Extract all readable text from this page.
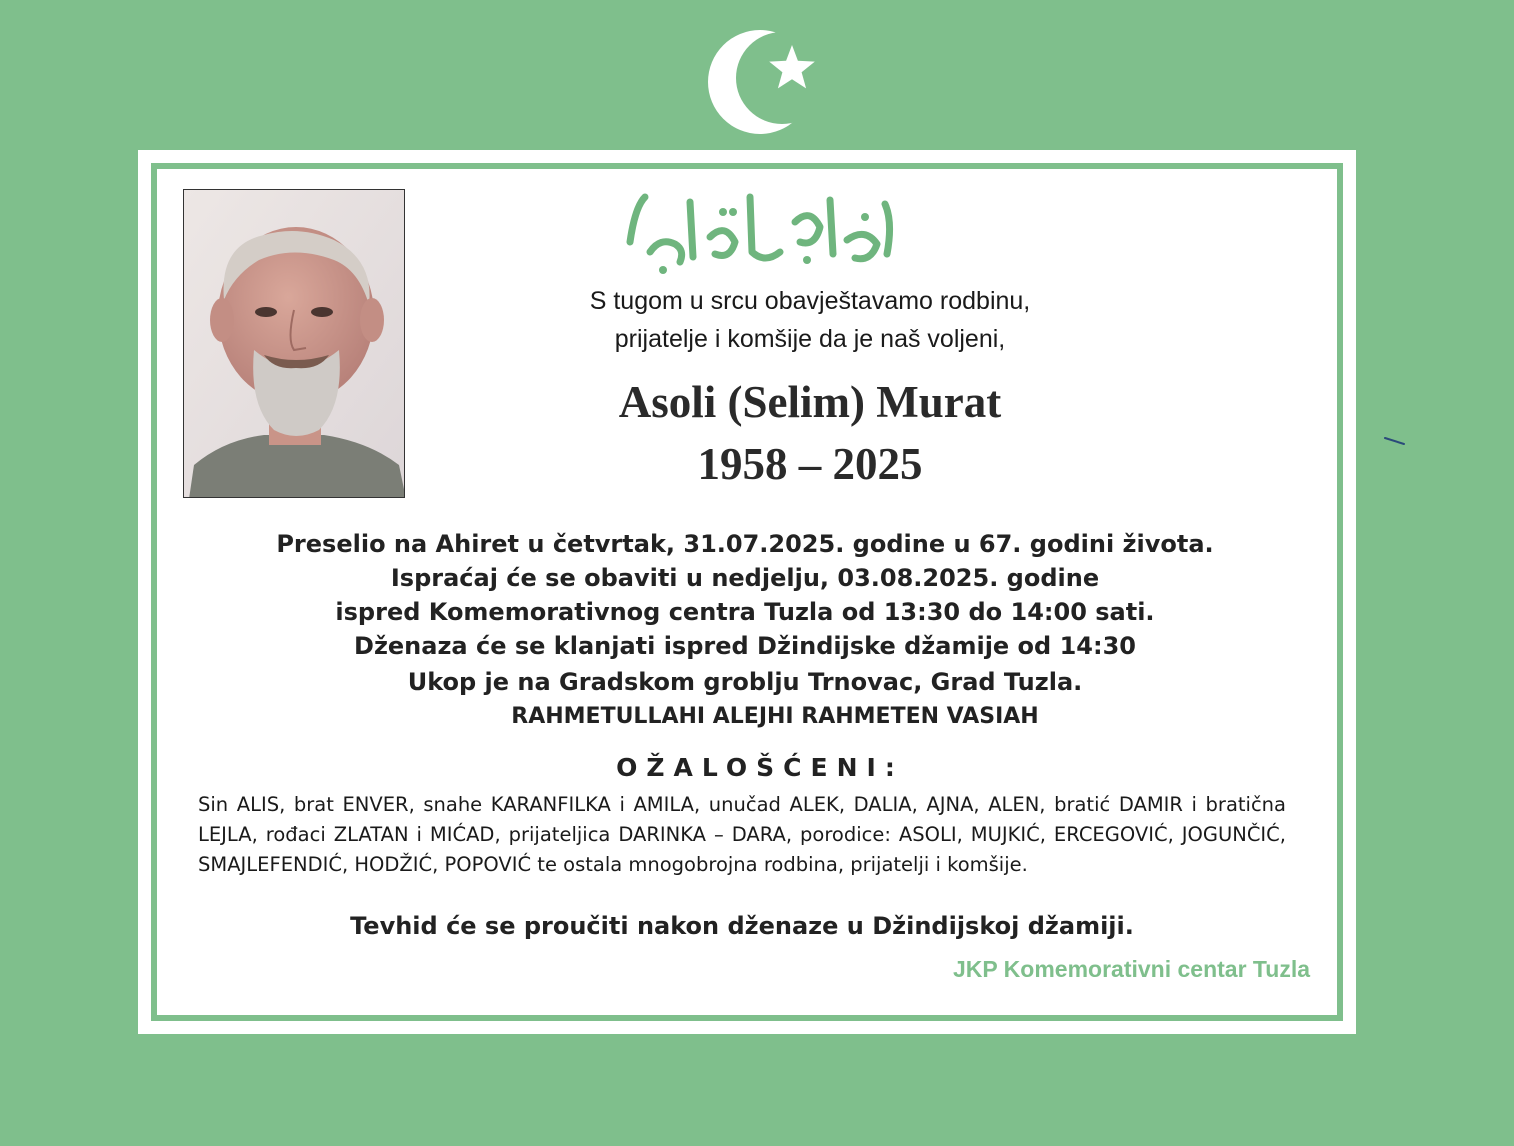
S tugom u srcu obavještavamo rodbinu,
prijatelje i komšije da je naš voljeni,
Asoli (Selim) Murat
1958 – 2025
Preselio na Ahiret u četvrtak, 31.07.2025. godine u 67. godini života.
Ispraćaj će se obaviti u nedjelju, 03.08.2025. godine
ispred Komemorativnog centra Tuzla od 13:30 do 14:00 sati.
Dženaza će se klanjati ispred Džindijske džamije od 14:30
Ukop je na Gradskom groblju Trnovac, Grad Tuzla.
RAHMETULLAHI ALEJHI RAHMETEN VASIAH
OŽALOŠĆENI:
Sin ALIS, brat ENVER, snahe KARANFILKA i AMILA, unučad ALEK, DALIA, AJNA, ALEN, bratić DAMIR i bratična LEJLA, rođaci ZLATAN i MIĆAD, prijateljica DARINKA – DARA, porodice: ASOLI, MUJKIĆ, ERCEGOVIĆ, JOGUNČIĆ, SMAJLEFENDIĆ, HODŽIĆ, POPOVIĆ te ostala mnogobrojna rodbina, prijatelji i komšije.
Tevhid će se proučiti nakon dženaze u Džindijskoj džamiji.
JKP Komemorativni centar Tuzla
